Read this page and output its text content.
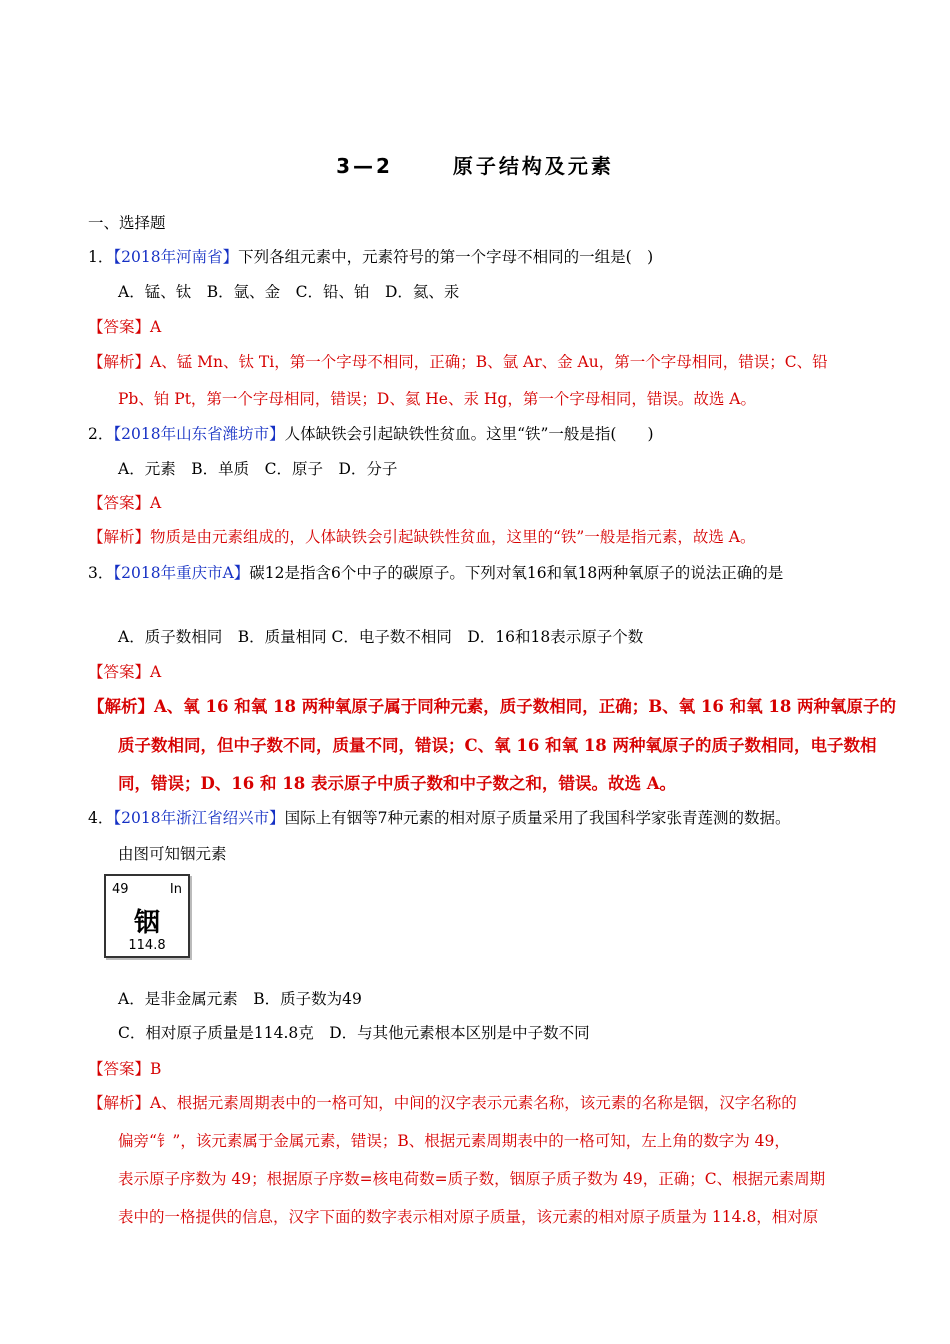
3—2	原子结构及元素
一、选择题
1．【2018年河南省】下列各组元素中，元素符号的第一个字母不相同的一组是(　)
A．锰、钛　B．氩、金　C．铅、铂　D．氦、汞
【答案】A
【解析】A、锰 Mn、钛 Ti，第一个字母不相同，正确；B、氩 Ar、金 Au，第一个字母相同，错误；C、铅
Pb、铂 Pt，第一个字母相同，错误；D、氦 He、汞 Hg，第一个字母相同，错误。故选 A。
2．【2018年山东省潍坊市】人体缺铁会引起缺铁性贫血。这里“铁”一般是指(　　)
A．元素　B．单质　C．原子　D．分子
【答案】A
【解析】物质是由元素组成的，人体缺铁会引起缺铁性贫血，这里的“铁”一般是指元素，故选 A。
3．【2018年重庆市A】碳12是指含6个中子的碳原子。下列对氧16和氧18两种氧原子的说法正确的是
A．质子数相同　B．质量相同 C．电子数不相同　D．16和18表示原子个数
【答案】A
【解析】A、氧 16 和氧 18 两种氧原子属于同种元素，质子数相同，正确；B、氧 16 和氧 18 两种氧原子的
质子数相同，但中子数不同，质量不同，错误；C、氧 16 和氧 18 两种氧原子的质子数相同，电子数相
同，错误；D、16 和 18 表示原子中质子数和中子数之和，错误。故选 A。
4．【2018年浙江省绍兴市】国际上有铟等7种元素的相对原子质量采用了我国科学家张青莲测的数据。
由图可知铟元素
49	In
铟
114.8
A．是非金属元素　B．质子数为49
C．相对原子质量是114.8克　D．与其他元素根本区别是中子数不同
【答案】B
【解析】A、根据元素周期表中的一格可知，中间的汉字表示元素名称，该元素的名称是铟，汉字名称的
偏旁“钅”，该元素属于金属元素，错误；B、根据元素周期表中的一格可知，左上角的数字为 49，
表示原子序数为 49；根据原子序数=核电荷数=质子数，铟原子质子数为 49，正确；C、根据元素周期
表中的一格提供的信息，汉字下面的数字表示相对原子质量，该元素的相对原子质量为 114.8，相对原
